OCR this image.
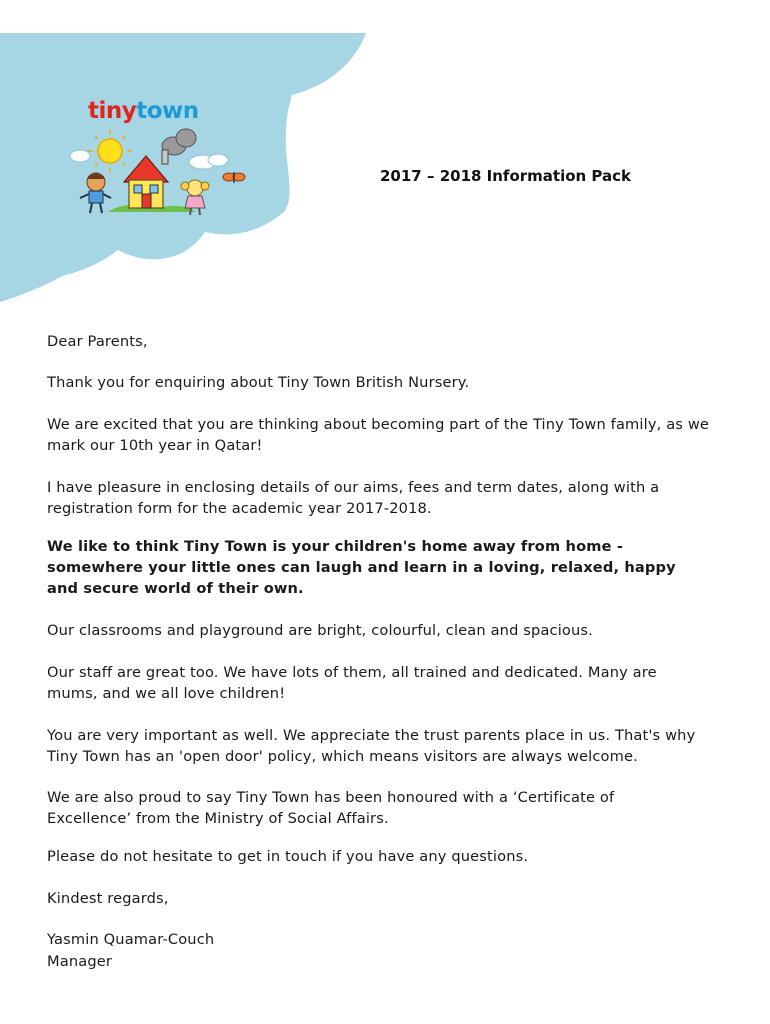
tinytown
2017 – 2018 Information Pack

Dear Parents,

Thank you for enquiring about Tiny Town British Nursery.

We are excited that you are thinking about becoming part of the Tiny Town family, as we mark our 10th year in Qatar!

I have pleasure in enclosing details of our aims, fees and term dates, along with a registration form for the academic year 2017-2018.

We like to think Tiny Town is your children's home away from home - somewhere your little ones can laugh and learn in a loving, relaxed, happy and secure world of their own.

Our classrooms and playground are bright, colourful, clean and spacious.

Our staff are great too. We have lots of them, all trained and dedicated. Many are mums, and we all love children!

You are very important as well. We appreciate the trust parents place in us. That's why Tiny Town has an 'open door' policy, which means visitors are always welcome.

We are also proud to say Tiny Town has been honoured with a ‘Certificate of Excellence’ from the Ministry of Social Affairs.

Please do not hesitate to get in touch if you have any questions.

Kindest regards,

Yasmin Quamar-Couch

Manager
